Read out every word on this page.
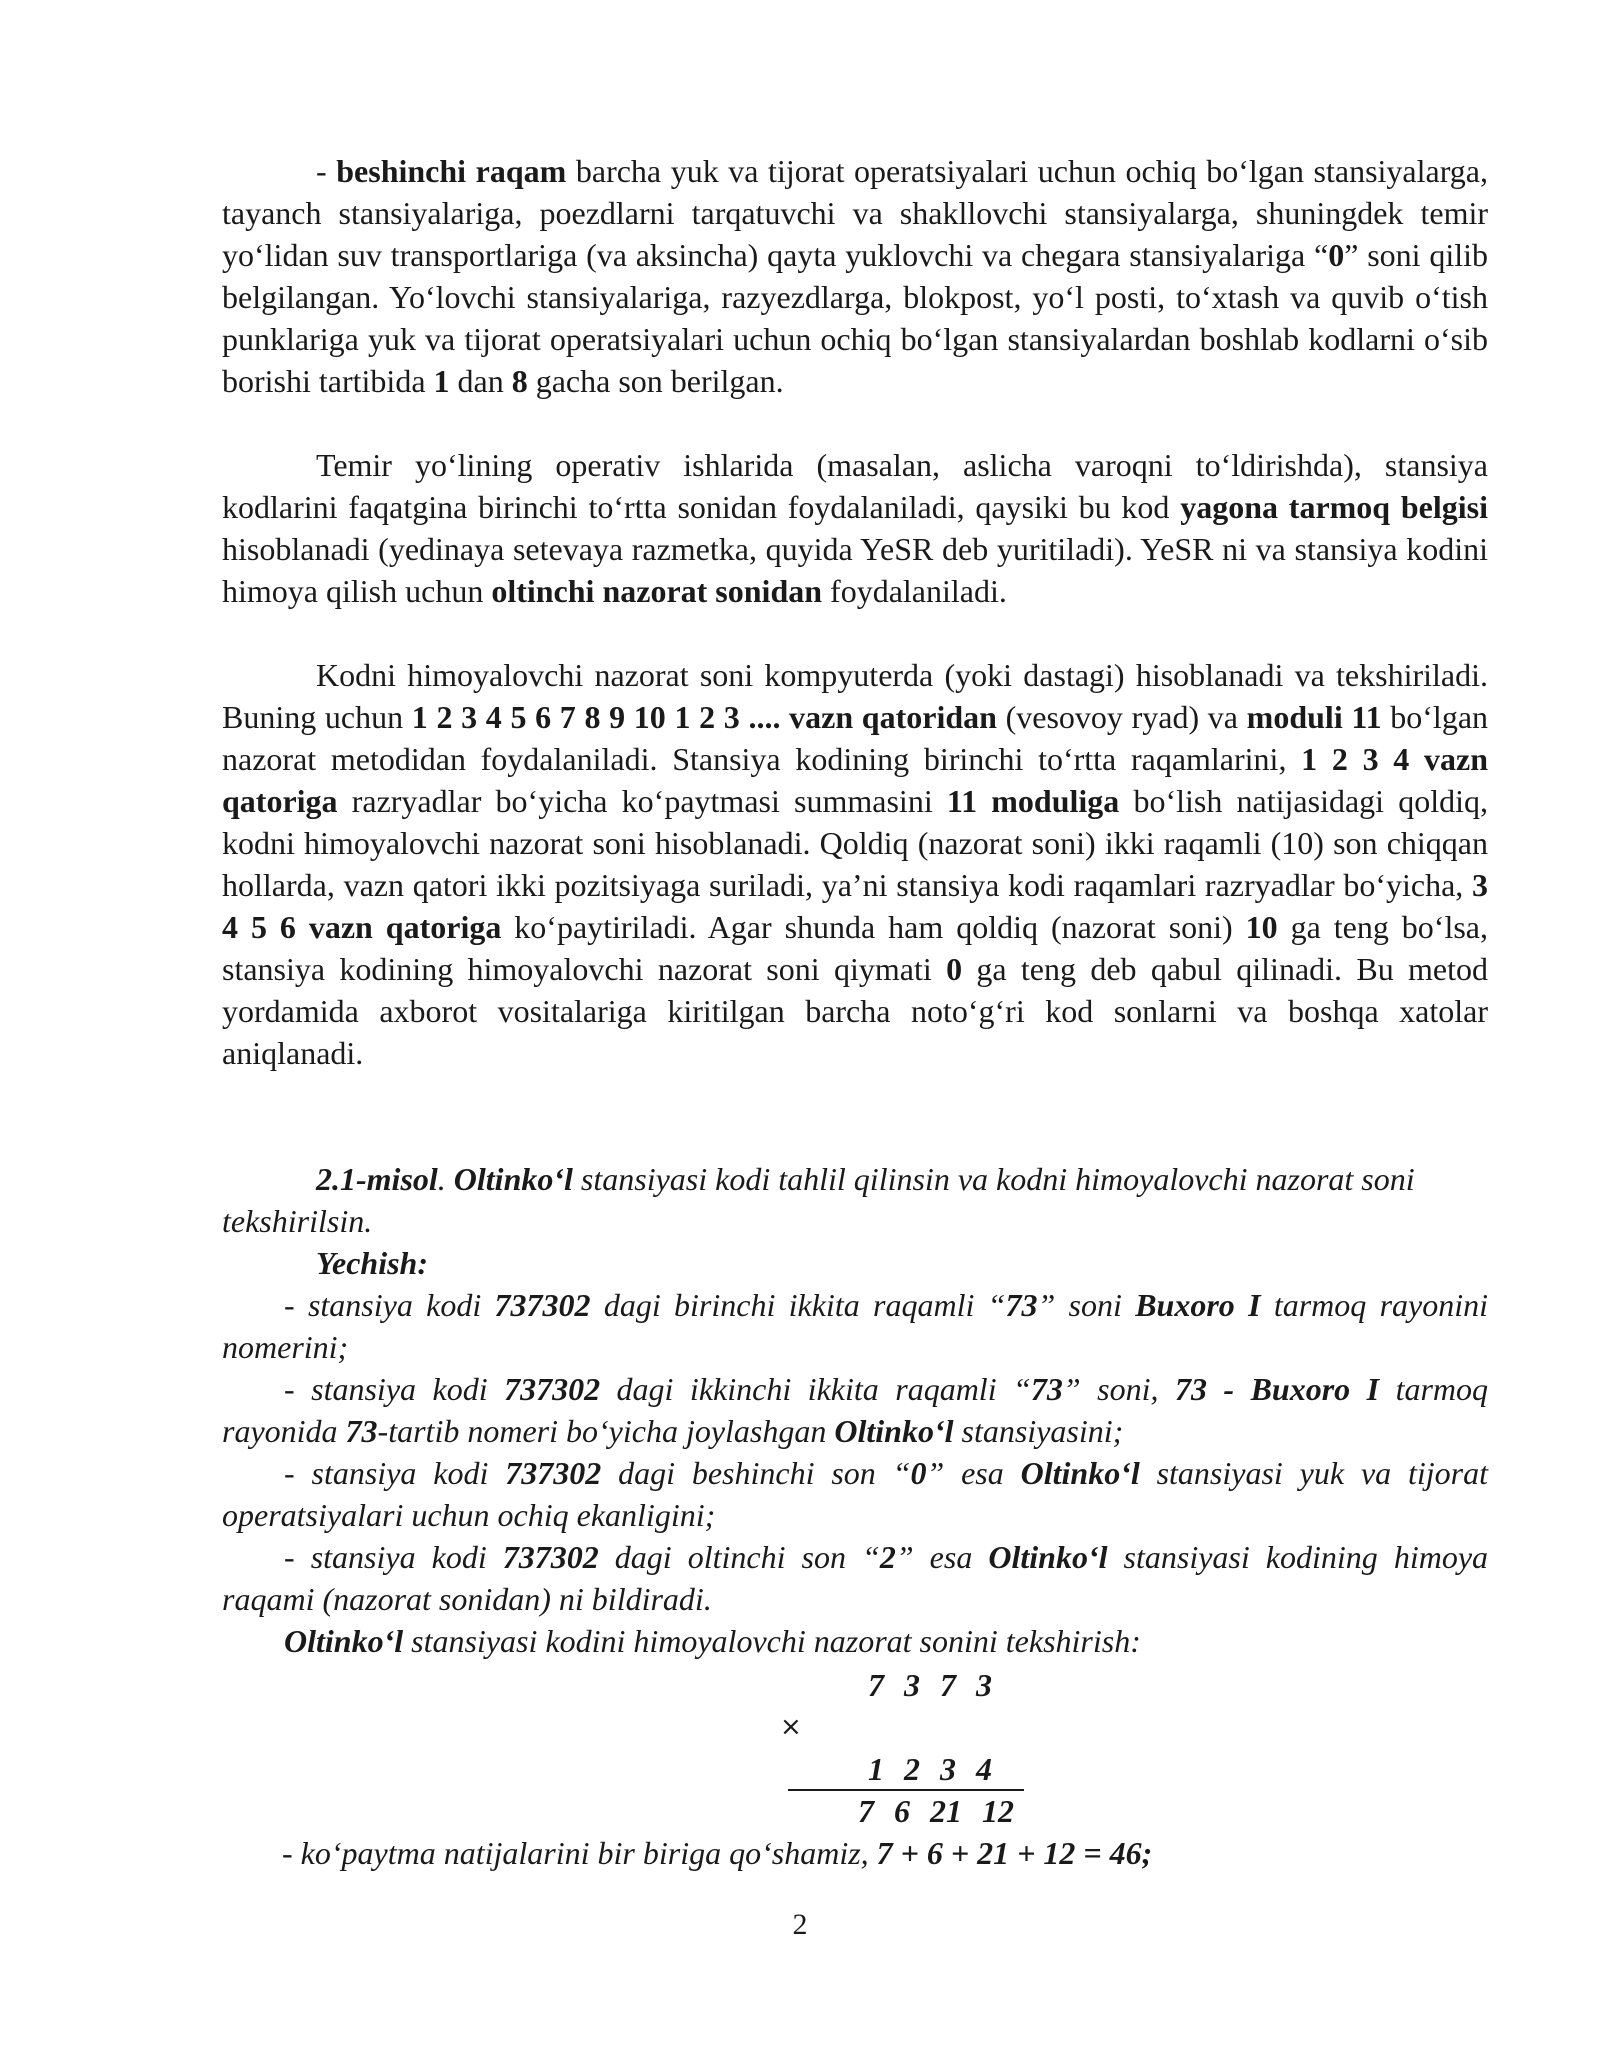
- beshinchi raqam barcha yuk va tijorat operatsiyalari uchun ochiq bo‘lgan stansiyalarga, tayanch stansiyalariga, poezdlarni tarqatuvchi va shakllovchi stansiyalarga, shuningdek temir yo‘lidan suv transportlariga (va aksincha) qayta yuklovchi va chegara stansiyalariga “0” soni qilib belgilangan. Yo‘lovchi stansiyalariga, razyezdlarga, blokpost, yo‘l posti, to‘xtash va quvib o‘tish punklariga yuk va tijorat operatsiyalari uchun ochiq bo‘lgan stansiyalardan boshlab kodlarni o‘sib borishi tartibida 1 dan 8 gacha son berilgan.

Temir yo‘lining operativ ishlarida (masalan, aslicha varoqni to‘ldirishda), stansiya kodlarini faqatgina birinchi to‘rtta sonidan foydalaniladi, qaysiki bu kod yagona tarmoq belgisi hisoblanadi (yedinaya setevaya razmetka, quyida YeSR deb yuritiladi). YeSR ni va stansiya kodini himoya qilish uchun oltinchi nazorat sonidan foydalaniladi.

Kodni himoyalovchi nazorat soni kompyuterda (yoki dastagi) hisoblanadi va tekshiriladi. Buning uchun 1 2 3 4 5 6 7 8 9 10 1 2 3 .... vazn qatoridan (vesovoy ryad) va moduli 11 bo‘lgan nazorat metodidan foydalaniladi. Stansiya kodining birinchi to‘rtta raqamlarini, 1 2 3 4 vazn qatoriga razryadlar bo‘yicha ko‘paytmasi summasini 11 moduliga bo‘lish natijasidagi qoldiq, kodni himoyalovchi nazorat soni hisoblanadi. Qoldiq (nazorat soni) ikki raqamli (10) son chiqqan hollarda, vazn qatori ikki pozitsiyaga suriladi, ya’ni stansiya kodi raqamlari razryadlar bo‘yicha, 3 4 5 6 vazn qatoriga ko‘paytiriladi. Agar shunda ham qoldiq (nazorat soni) 10 ga teng bo‘lsa, stansiya kodining himoyalovchi nazorat soni qiymati 0 ga teng deb qabul qilinadi. Bu metod yordamida axborot vositalariga kiritilgan barcha noto‘g‘ri kod sonlarni va boshqa xatolar aniqlanadi.

2.1-misol. Oltinko‘l stansiyasi kodi tahlil qilinsin va kodni himoyalovchi nazorat soni tekshirilsin.
Yechish:
- stansiya kodi 737302 dagi birinchi ikkita raqamli “73” soni Buxoro I tarmoq rayonini nomerini;
- stansiya kodi 737302 dagi ikkinchi ikkita raqamli “73” soni, 73 - Buxoro I tarmoq rayonida 73-tartib nomeri bo‘yicha joylashgan Oltinko‘l stansiyasini;
- stansiya kodi 737302 dagi beshinchi son “0” esa Oltinko‘l stansiyasi yuk va tijorat operatsiyalari uchun ochiq ekanligini;
- stansiya kodi 737302 dagi oltinchi son “2” esa Oltinko‘l stansiyasi kodining himoya raqami (nazorat sonidan) ni bildiradi.
Oltinko‘l stansiyasi kodini himoyalovchi nazorat sonini tekshirish:
7 3 7 3
×
1 2 3 4
7 6 21 12
- ko‘paytma natijalarini bir biriga qo‘shamiz, 7 + 6 + 21 + 12 = 46;
2
